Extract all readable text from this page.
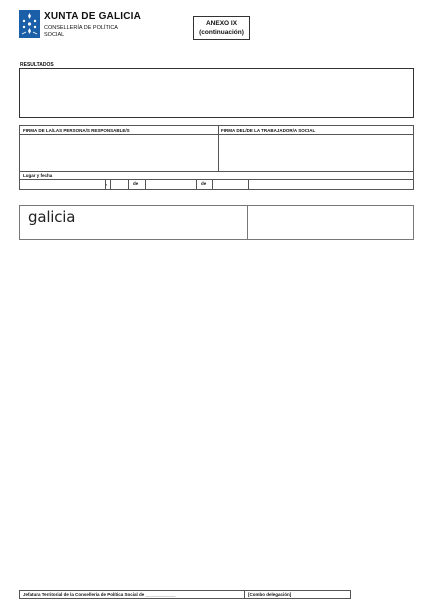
XUNTA DE GALICIA
CONSELLERÍA DE POLÍTICA
SOCIAL
ANEXO IX
(continuación)
RESULTADOS
FIRMA DE LA/LAS PERSONA/S RESPONSABLE/S	FIRMA DEL/DE LA TRABAJADOR/A SOCIAL
Lugar y fecha
,	de	de
galicia
Jefatura Territorial de la Consellería de Política Social de ____________	[Combo delegación]
